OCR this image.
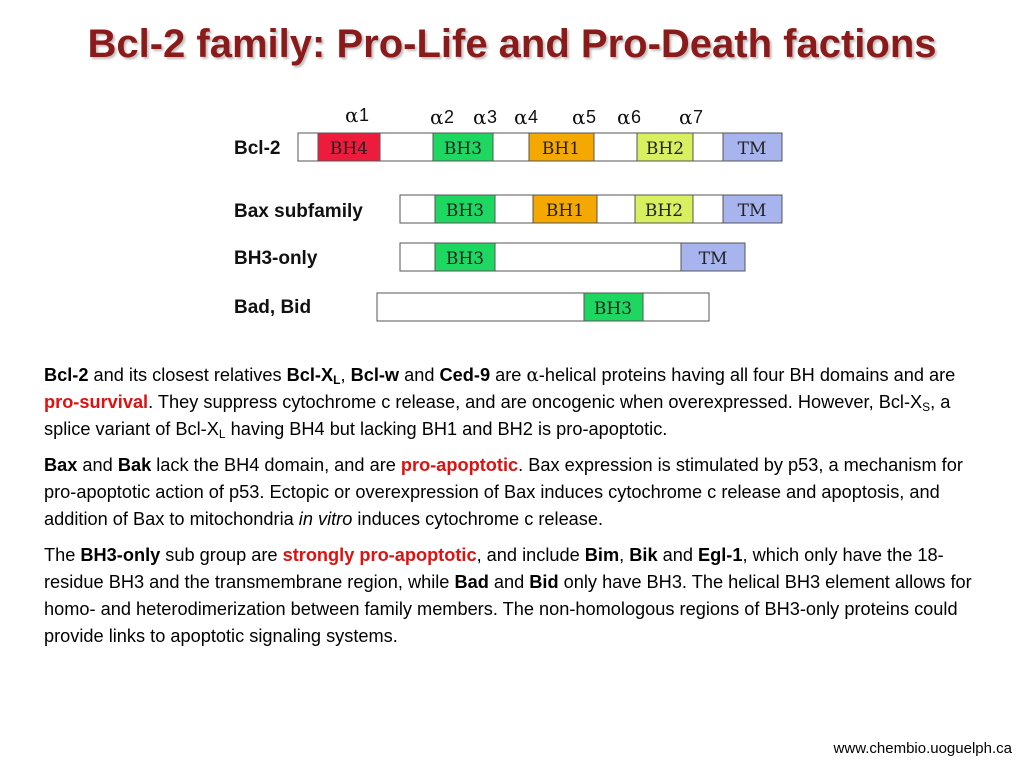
Bcl-2 family: Pro-Life and Pro-Death factions
α 1	α 2 α 3 α 4 α 5 α 6 α 7
Bcl-2	BH4	BH3	BH1	BH2	TM
Bax subfamily	BH3	BH1	BH2	TM
BH3-only	BH3	TM
Bad, Bid	BH3

Bcl-2 and its closest relatives Bcl-$X_L$, Bcl-w and Ced-9 are α-helical proteins having all four BH domains and are pro-survival. They suppress cytochrome c release, and are oncogenic when overexpressed. However, Bcl-$X_S$, a splice variant of Bcl-$X_L$ having BH4 but lacking BH1 and BH2 is pro-apoptotic.

Bax and Bak lack the BH4 domain, and are pro-apoptotic. Bax expression is stimulated by p53, a mechanism for pro-apoptotic action of p53. Ectopic or overexpression of Bax induces cytochrome c release and apoptosis, and addition of Bax to mitochondria in vitro induces cytochrome c release.

The BH3-only sub group are strongly pro-apoptotic, and include Bim, Bik and Egl-1, which only have the 18-residue BH3 and the transmembrane region, while Bad and Bid only have BH3. The helical BH3 element allows for homo- and heterodimerization between family members. The non-homologous regions of BH3-only proteins could provide links to apoptotic signaling systems.

www.chembio.uoguelph.ca
